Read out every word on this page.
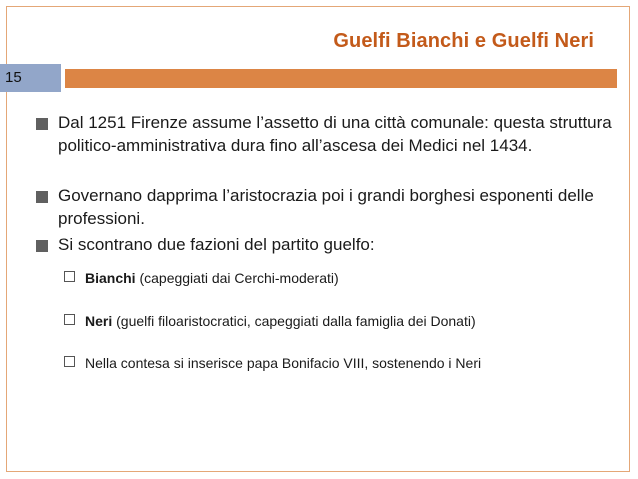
Guelfi Bianchi e Guelfi Neri
15
Dal 1251 Firenze assume l’assetto di una città comunale: questa struttura politico-amministrativa dura fino all’ascesa dei Medici nel 1434.
Governano dapprima l’aristocrazia poi i grandi borghesi esponenti delle professioni.
Si scontrano due fazioni del partito guelfo:
Bianchi (capeggiati dai Cerchi-moderati)
Neri (guelfi filoaristocratici, capeggiati dalla famiglia dei Donati)
Nella contesa si inserisce papa Bonifacio VIII, sostenendo i Neri
